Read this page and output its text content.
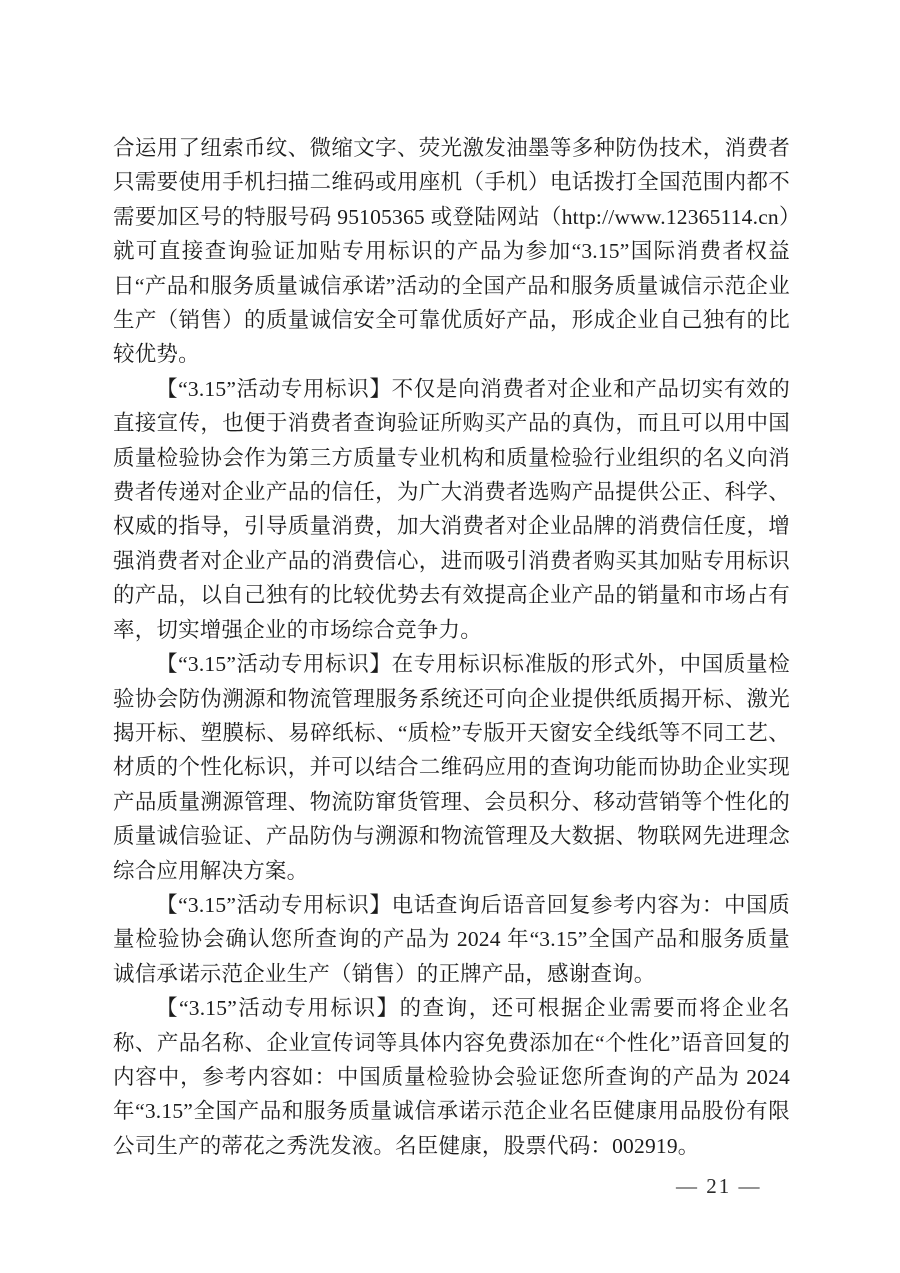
合运用了纽索币纹、微缩文字、荧光激发油墨等多种防伪技术，消费者只需要使用手机扫描二维码或用座机（手机）电话拨打全国范围内都不需要加区号的特服号码 95105365 或登陆网站（http://www.12365114.cn）就可直接查询验证加贴专用标识的产品为参加“3.15”国际消费者权益日“产品和服务质量诚信承诺”活动的全国产品和服务质量诚信示范企业生产（销售）的质量诚信安全可靠优质好产品，形成企业自己独有的比较优势。

【“3.15”活动专用标识】不仅是向消费者对企业和产品切实有效的直接宣传，也便于消费者查询验证所购买产品的真伪，而且可以用中国质量检验协会作为第三方质量专业机构和质量检验行业组织的名义向消费者传递对企业产品的信任，为广大消费者选购产品提供公正、科学、权威的指导，引导质量消费，加大消费者对企业品牌的消费信任度，增强消费者对企业产品的消费信心，进而吸引消费者购买其加贴专用标识的产品，以自己独有的比较优势去有效提高企业产品的销量和市场占有率，切实增强企业的市场综合竞争力。

【“3.15”活动专用标识】在专用标识标准版的形式外，中国质量检验协会防伪溯源和物流管理服务系统还可向企业提供纸质揭开标、激光揭开标、塑膜标、易碎纸标、“质检”专版开天窗安全线纸等不同工艺、材质的个性化标识，并可以结合二维码应用的查询功能而协助企业实现产品质量溯源管理、物流防窜货管理、会员积分、移动营销等个性化的质量诚信验证、产品防伪与溯源和物流管理及大数据、物联网先进理念综合应用解决方案。

【“3.15”活动专用标识】电话查询后语音回复参考内容为：中国质量检验协会确认您所查询的产品为 2024 年“3.15”全国产品和服务质量诚信承诺示范企业生产（销售）的正牌产品，感谢查询。

【“3.15”活动专用标识】的查询，还可根据企业需要而将企业名称、产品名称、企业宣传词等具体内容免费添加在“个性化”语音回复的内容中，参考内容如：中国质量检验协会验证您所查询的产品为 2024 年“3.15”全国产品和服务质量诚信承诺示范企业名臣健康用品股份有限公司生产的蒂花之秀洗发液。名臣健康，股票代码：002919。

— 21 —
